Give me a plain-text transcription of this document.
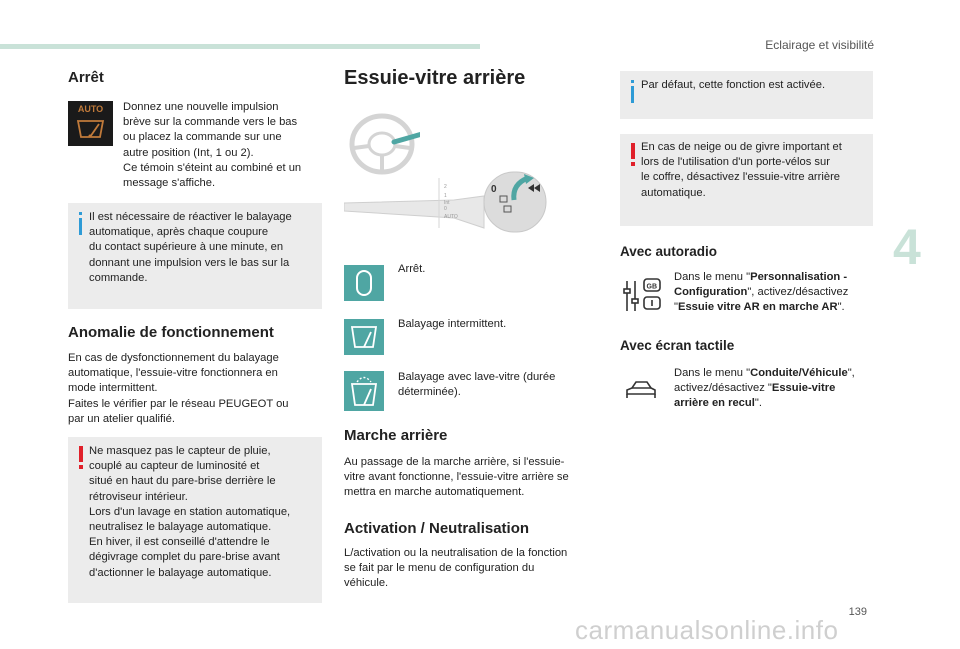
Eclairage et visibilité
4
139
Arrêt
AUTO	Donnez une nouvelle impulsion

brève sur la commande vers le bas

ou placez la commande sur une

autre position (Int, 1 ou 2).

Ce témoin s'éteint au combiné et un

message s'affiche.

Il est nécessaire de réactiver le balayage

automatique, après chaque coupure

du contact supérieure à une minute, en

donnant une impulsion vers le bas sur la

commande.

Anomalie de fonctionnement

En cas de dysfonctionnement du balayage

automatique, l'essuie-vitre fonctionnera en

mode intermittent.

Faites le vérifier par le réseau PEUGEOT ou

par un atelier qualifié.

Ne masquez pas le capteur de pluie,

couplé au capteur de luminosité et

situé en haut du pare-brise derrière le

rétroviseur intérieur.

Lors d'un lavage en station automatique,

neutralisez le balayage automatique.

En hiver, il est conseillé d'attendre le

dégivrage complet du pare-brise avant

d'actionner le balayage automatique.

Essuie-vitre arrière
0
2
1
Int
0
AUTO

Arrêt.

Balayage intermittent.

Balayage avec lave-vitre (durée

déterminée).

Marche arrière

Au passage de la marche arrière, si l'essuie-

vitre avant fonctionne, l'essuie-vitre arrière se

mettra en marche automatiquement.

Activation / Neutralisation

L/activation ou la neutralisation de la fonction

se fait par le menu de configuration du

véhicule.

Par défaut, cette fonction est activée.

En cas de neige ou de givre important et

lors de l'utilisation d'un porte-vélos sur

le coffre, désactivez l'essuie-vitre arrière

automatique.

Avec autoradio
GB

Dans le menu "Personnalisation -

Configuration", activez/désactivez

"Essuie vitre AR en marche AR".

Avec écran tactile

Dans le menu "Conduite/Véhicule",

activez/désactivez "Essuie-vitre

arrière en recul".

carmanualsonline.info
